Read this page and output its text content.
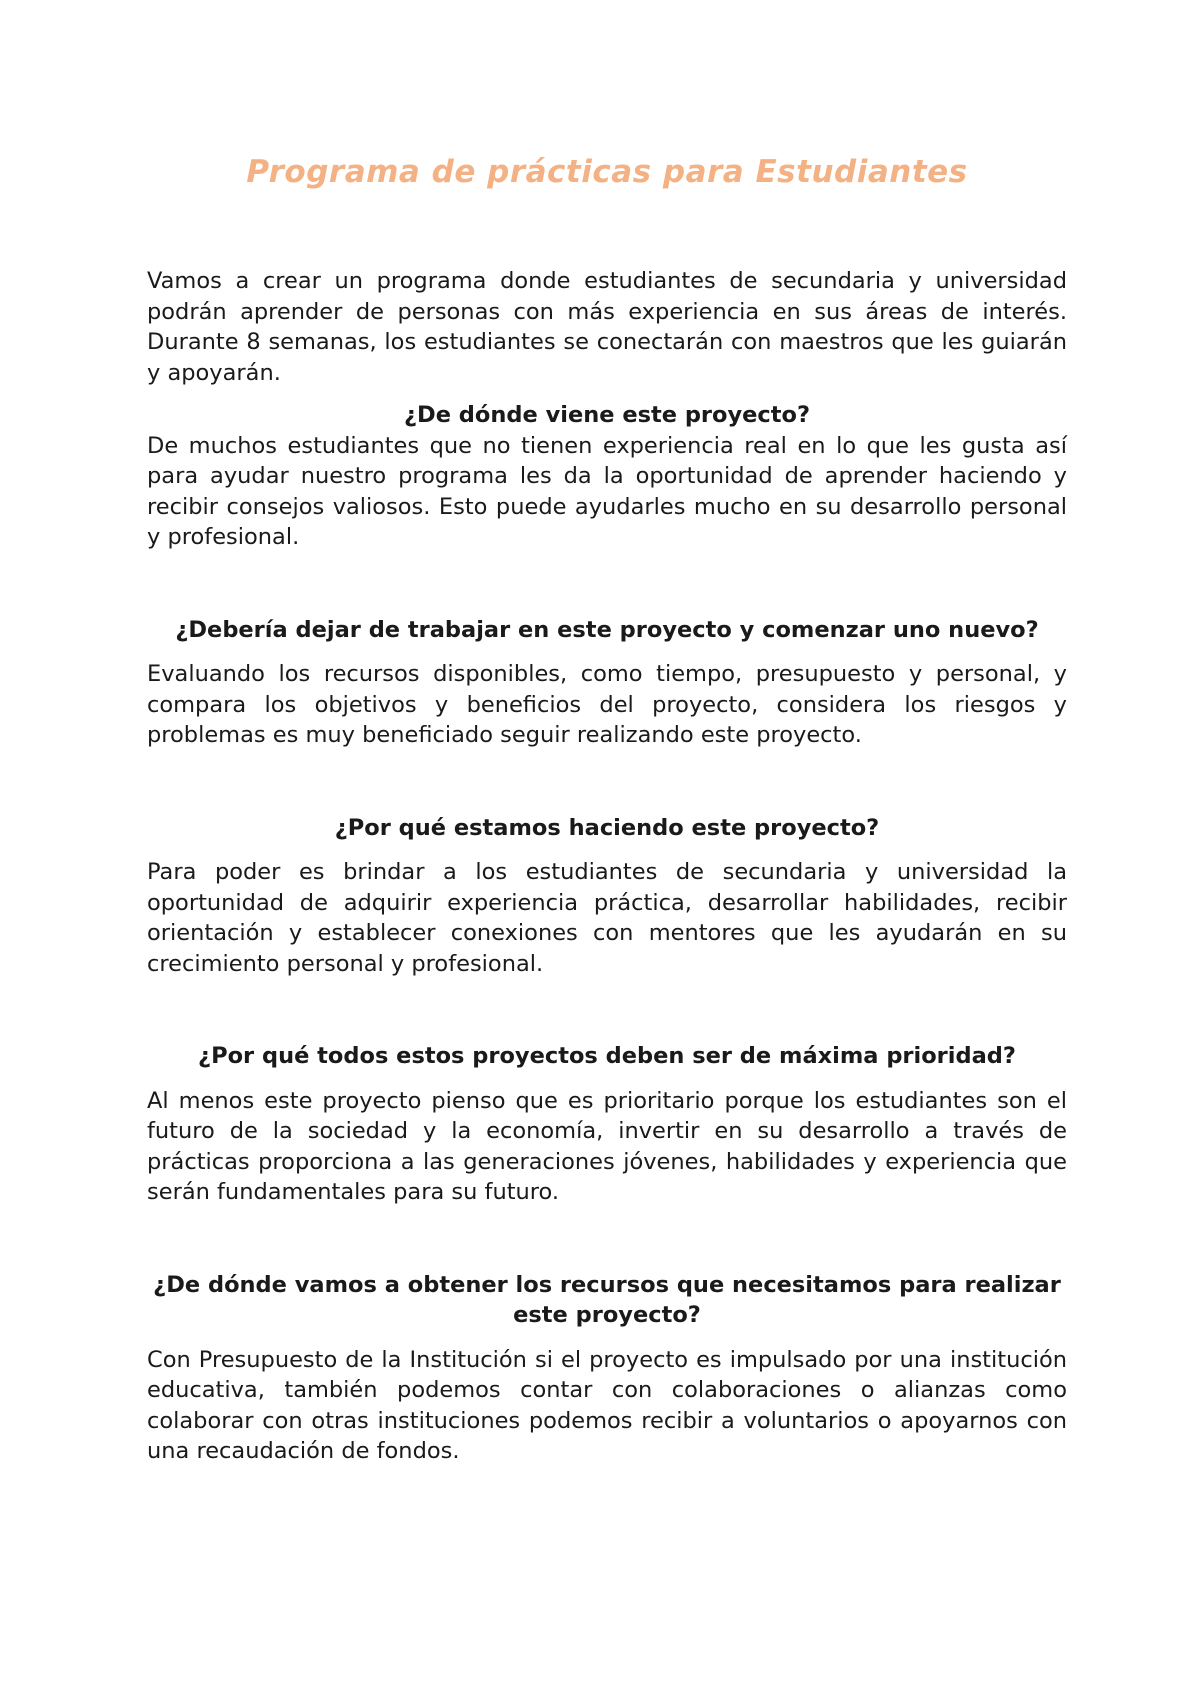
Programa de prácticas para Estudiantes

Vamos a crear un programa donde estudiantes de secundaria y universidad podrán aprender de personas con más experiencia en sus áreas de interés. Durante 8 semanas, los estudiantes se conectarán con maestros que les guiarán y apoyarán.

¿De dónde viene este proyecto?

De muchos estudiantes que no tienen experiencia real en lo que les gusta así para ayudar nuestro programa les da la oportunidad de aprender haciendo y recibir consejos valiosos. Esto puede ayudarles mucho en su desarrollo personal y profesional.

¿Debería dejar de trabajar en este proyecto y comenzar uno nuevo?

Evaluando los recursos disponibles, como tiempo, presupuesto y personal, y compara los objetivos y beneficios del proyecto, considera los riesgos y problemas es muy beneficiado seguir realizando este proyecto.

¿Por qué estamos haciendo este proyecto?

Para poder es brindar a los estudiantes de secundaria y universidad la oportunidad de adquirir experiencia práctica, desarrollar habilidades, recibir orientación y establecer conexiones con mentores que les ayudarán en su crecimiento personal y profesional.

¿Por qué todos estos proyectos deben ser de máxima prioridad?

Al menos este proyecto pienso que es prioritario porque los estudiantes son el futuro de la sociedad y la economía, invertir en su desarrollo a través de prácticas proporciona a las generaciones jóvenes, habilidades y experiencia que serán fundamentales para su futuro.

¿De dónde vamos a obtener los recursos que necesitamos para realizar este proyecto?

Con Presupuesto de la Institución si el proyecto es impulsado por una institución educativa, también podemos contar con colaboraciones o alianzas como colaborar con otras instituciones podemos recibir a voluntarios o apoyarnos con una recaudación de fondos.
